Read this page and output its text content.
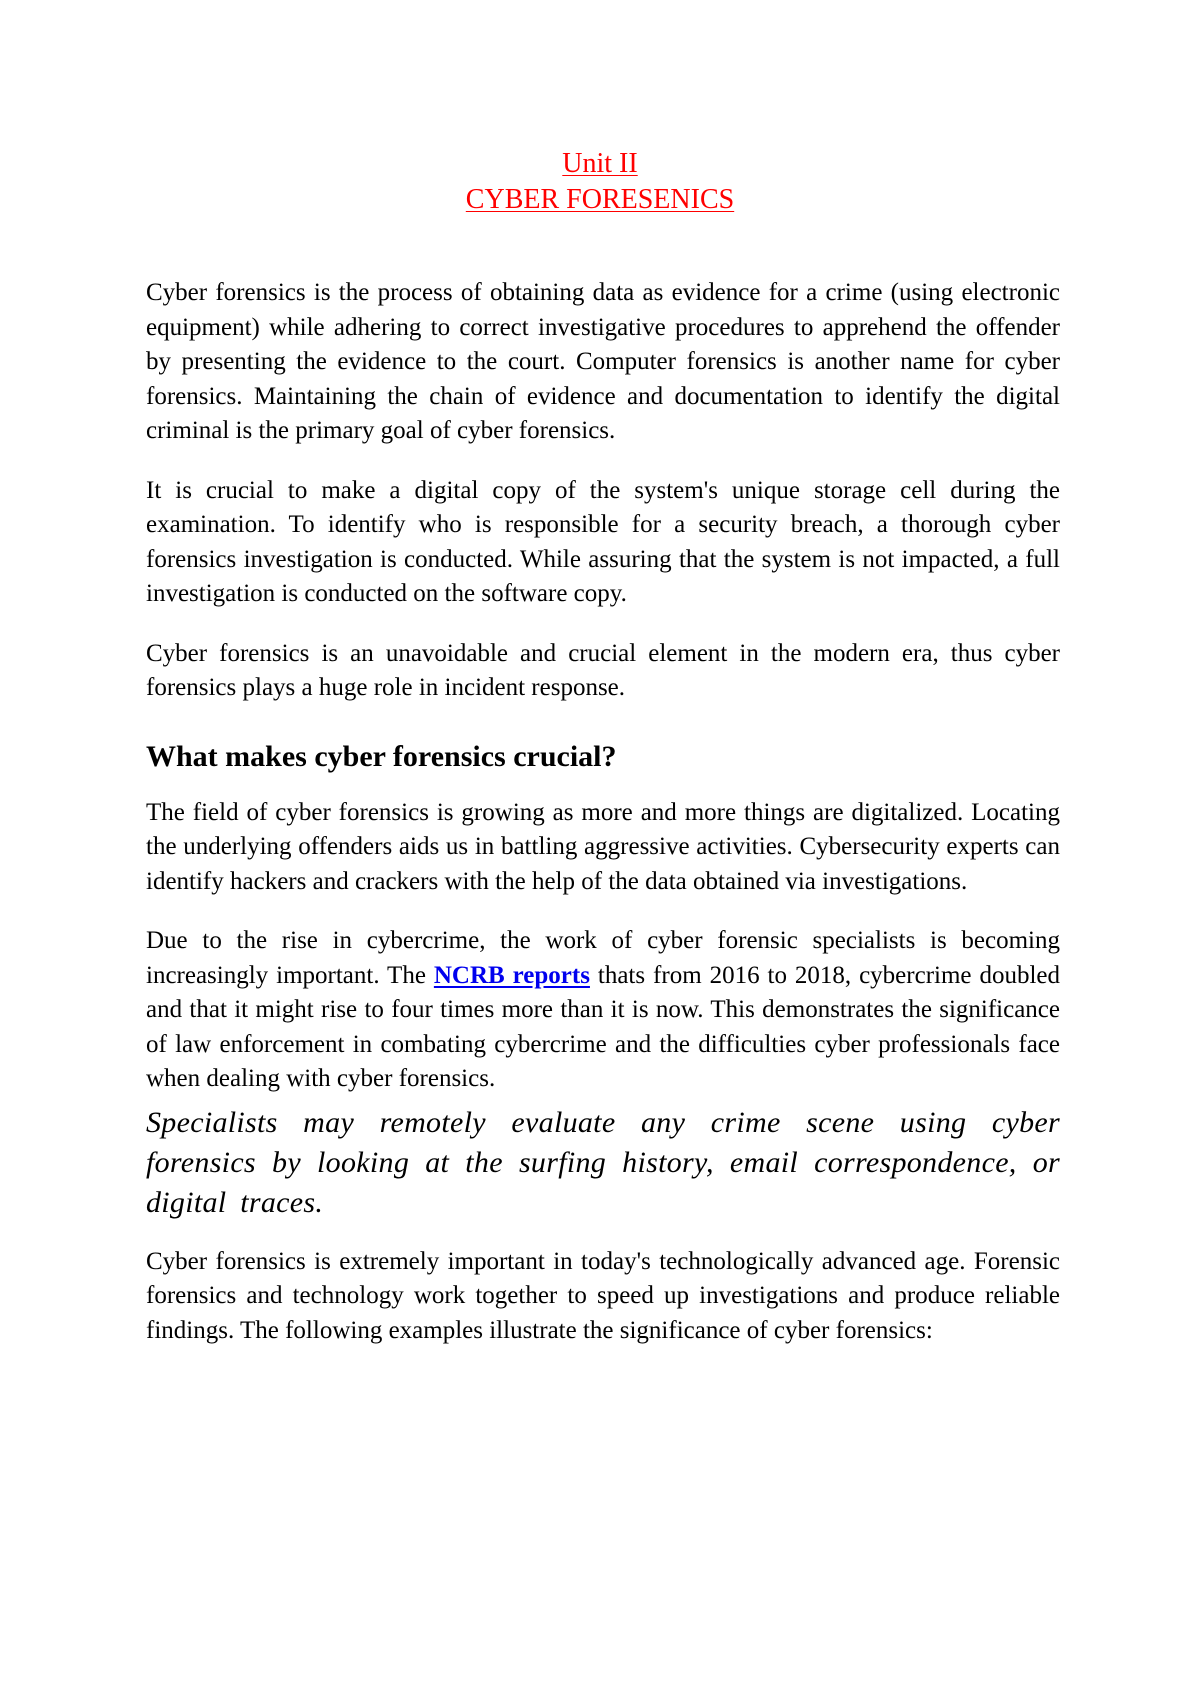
Unit II
CYBER FORESENICS

Cyber forensics is the process of obtaining data as evidence for a crime (using electronic equipment) while adhering to correct investigative procedures to apprehend the offender by presenting the evidence to the court. Computer forensics is another name for cyber forensics. Maintaining the chain of evidence and documentation to identify the digital criminal is the primary goal of cyber forensics.

It is crucial to make a digital copy of the system's unique storage cell during the examination. To identify who is responsible for a security breach, a thorough cyber forensics investigation is conducted. While assuring that the system is not impacted, a full investigation is conducted on the software copy.

Cyber forensics is an unavoidable and crucial element in the modern era, thus cyber forensics plays a huge role in incident response.

What makes cyber forensics crucial?

The field of cyber forensics is growing as more and more things are digitalized. Locating the underlying offenders aids us in battling aggressive activities. Cybersecurity experts can identify hackers and crackers with the help of the data obtained via investigations.

Due to the rise in cybercrime, the work of cyber forensic specialists is becoming increasingly important. The NCRB reports thats from 2016 to 2018, cybercrime doubled and that it might rise to four times more than it is now. This demonstrates the significance of law enforcement in combating cybercrime and the difficulties cyber professionals face when dealing with cyber forensics.

Specialists may remotely evaluate any crime scene using cyber forensics by looking at the surfing history, email correspondence, or digital traces.

Cyber forensics is extremely important in today's technologically advanced age. Forensic forensics and technology work together to speed up investigations and produce reliable findings. The following examples illustrate the significance of cyber forensics:
